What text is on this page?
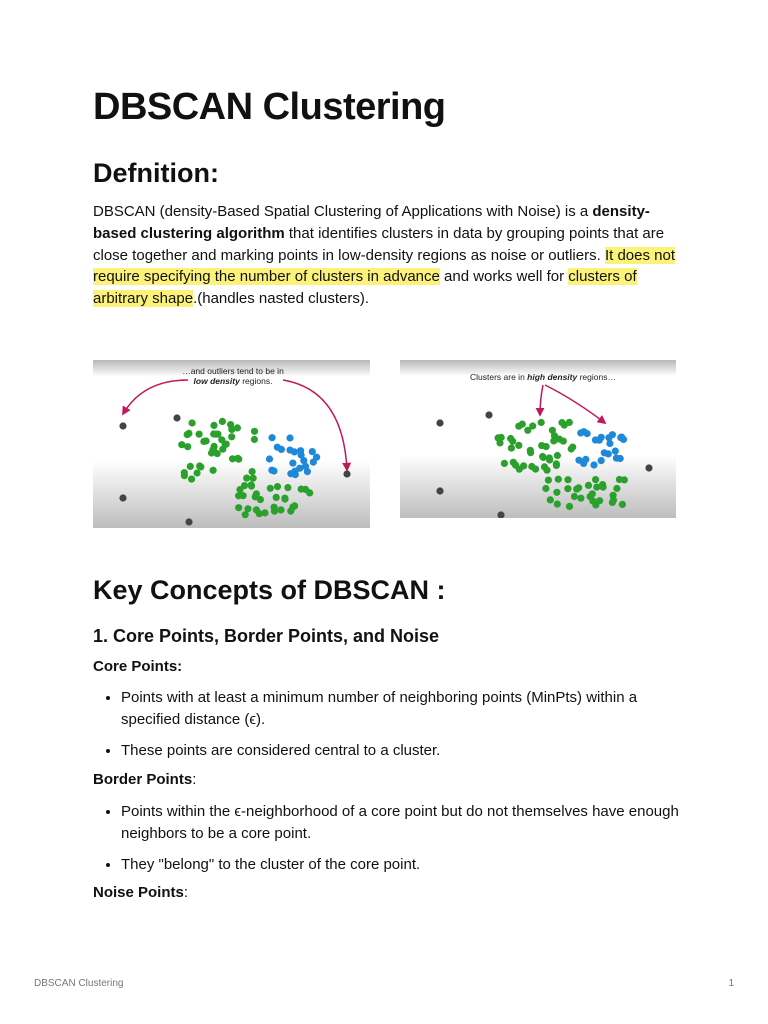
DBSCAN Clustering
Defnition:

DBSCAN (density-Based Spatial Clustering of Applications with Noise) is a density-based clustering algorithm that identifies clusters in data by grouping points that are close together and marking points in low-density regions as noise or outliers. It does not require specifying the number of clusters in advance and works well for clusters of arbitrary shape.(handles nasted clusters).

Key Concepts of DBSCAN :
1. Core Points, Border Points, and Noise

Core Points:

• Points with at least a minimum number of neighboring points (MinPts) within a specified distance (ϵ).
• These points are considered central to a cluster.

Border Points:

• Points within the ϵ-neighborhood of a core point but do not themselves have enough neighbors to be a core point.
• They "belong" to the cluster of the core point.

Noise Points:

…and outliers tend to be in
low density regions.	Clusters are in high density regions…
DBSCAN Clustering	1
